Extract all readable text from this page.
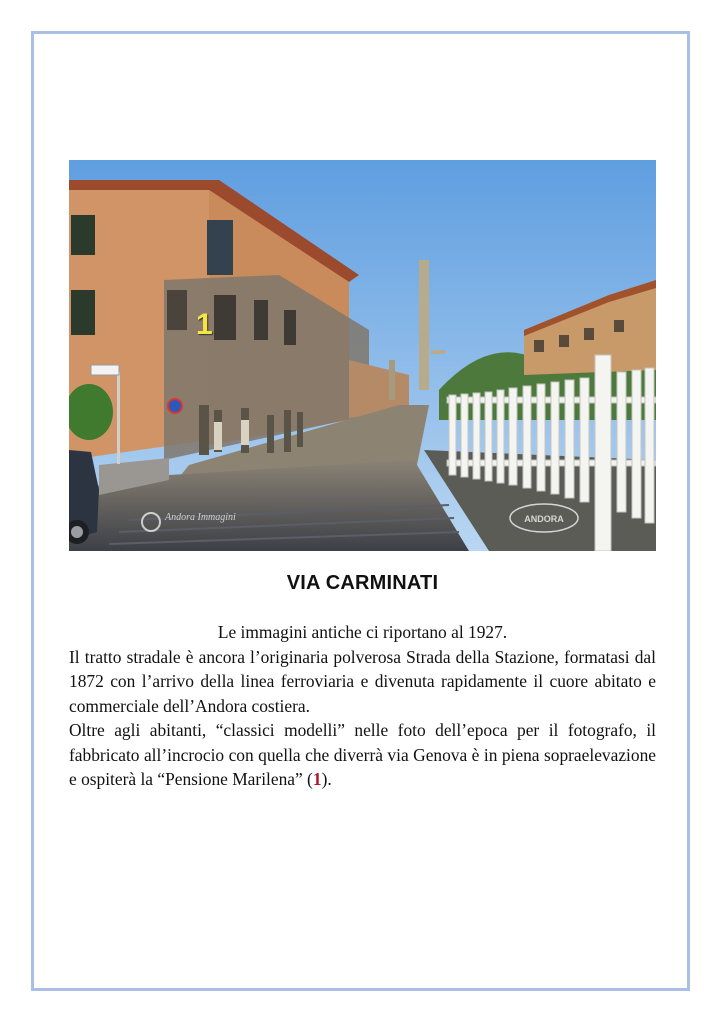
Andora Immagini	ANDORA
1
VIA CARMINATI

Le immagini antiche ci riportano al 1927.

Il tratto stradale è ancora l’originaria polverosa Strada della Stazione, formatasi dal 1872 con l’arrivo della linea ferroviaria e divenuta rapidamente il cuore abitato e commerciale dell’Andora costiera.

Oltre agli abitanti, “classici modelli” nelle foto dell’epoca per il fotografo, il fabbricato all’incrocio con quella che diverrà via Genova è in piena sopraelevazione e ospiterà la “Pensione Marilena” (1).
